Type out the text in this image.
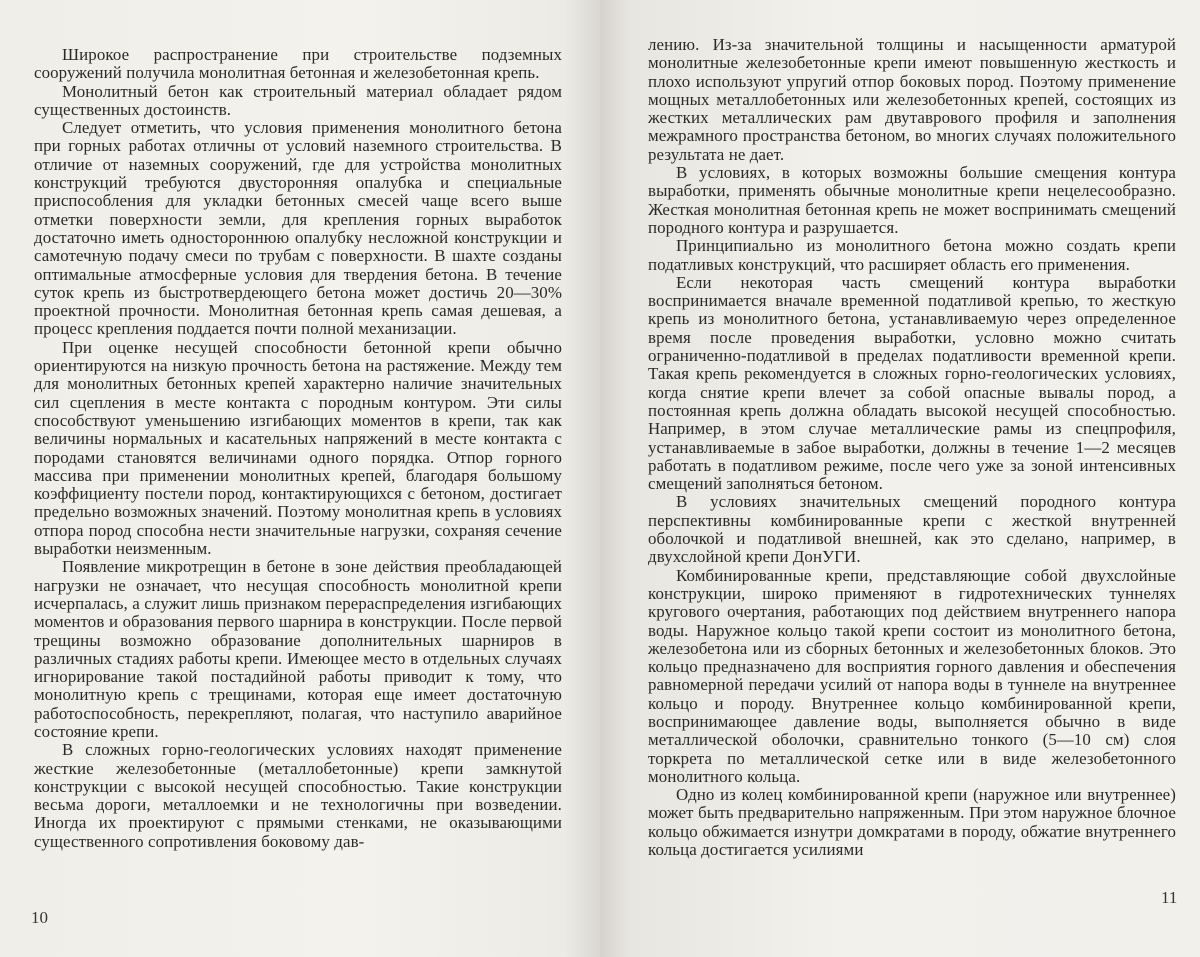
Широкое распространение при строительстве подземных сооружений получила монолитная бетонная и железобетонная крепь.

Монолитный бетон как строительный материал обладает рядом существенных достоинств.

Следует отметить, что условия применения монолитного бетона при горных работах отличны от условий наземного строительства. В отличие от наземных сооружений, где для устройства монолитных конструкций требуются двусторонняя опалубка и специальные приспособления для укладки бетонных смесей чаще всего выше отметки поверхности земли, для крепления горных выработок достаточно иметь одностороннюю опалубку несложной конструкции и самотечную подачу смеси по трубам с поверхности. В шахте созданы оптимальные атмосферные условия для твердения бетона. В течение суток крепь из быстротвердеющего бетона может достичь 20—30% проектной прочности. Монолитная бетонная крепь самая дешевая, а процесс крепления поддается почти полной механизации.

При оценке несущей способности бетонной крепи обычно ориентируются на низкую прочность бетона на растяжение. Между тем для монолитных бетонных крепей характерно наличие значительных сил сцепления в месте контакта с породным контуром. Эти силы способствуют уменьшению изгибающих моментов в крепи, так как величины нормальных и касательных напряжений в месте контакта с породами становятся величинами одного порядка. Отпор горного массива при применении монолитных крепей, благодаря большому коэффициенту постели пород, контактирующихся с бетоном, достигает предельно возможных значений. Поэтому монолитная крепь в условиях отпора пород способна нести значительные нагрузки, сохраняя сечение выработки неизменным.

Появление микротрещин в бетоне в зоне действия преобладающей нагрузки не означает, что несущая способность монолитной крепи исчерпалась, а служит лишь признаком перераспределения изгибающих моментов и образования первого шарнира в конструкции. После первой трещины возможно образование дополнительных шарниров в различных стадиях работы крепи. Имеющее место в отдельных случаях игнорирование такой постадийной работы приводит к тому, что монолитную крепь с трещинами, которая еще имеет достаточную работоспособность, перекрепляют, полагая, что наступило аварийное состояние крепи.

В сложных горно-геологических условиях находят применение жесткие железобетонные (металлобетонные) крепи замкнутой конструкции с высокой несущей способностью. Такие конструкции весьма дороги, металлоемки и не технологичны при возведении. Иногда их проектируют с прямыми стенками, не оказывающими существенного сопротивления боковому дав-

10

лению. Из-за значительной толщины и насыщенности арматурой монолитные железобетонные крепи имеют повышенную жесткость и плохо используют упругий отпор боковых пород. Поэтому применение мощных металлобетонных или железобетонных крепей, состоящих из жестких металлических рам двутаврового профиля и заполнения межрамного пространства бетоном, во многих случаях положительного результата не дает.

В условиях, в которых возможны большие смещения контура выработки, применять обычные монолитные крепи нецелесообразно. Жесткая монолитная бетонная крепь не может воспринимать смещений породного контура и разрушается.

Принципиально из монолитного бетона можно создать крепи податливых конструкций, что расширяет область его применения.

Если некоторая часть смещений контура выработки воспринимается вначале временной податливой крепью, то жесткую крепь из монолитного бетона, устанавливаемую через определенное время после проведения выработки, условно можно считать ограниченно-податливой в пределах податливости временной крепи. Такая крепь рекомендуется в сложных горно-геологических условиях, когда снятие крепи влечет за собой опасные вывалы пород, а постоянная крепь должна обладать высокой несущей способностью. Например, в этом случае металлические рамы из спецпрофиля, устанавливаемые в забое выработки, должны в течение 1—2 месяцев работать в податливом режиме, после чего уже за зоной интенсивных смещений заполняться бетоном.

В условиях значительных смещений породного контура перспективны комбинированные крепи с жесткой внутренней оболочкой и податливой внешней, как это сделано, например, в двухслойной крепи ДонУГИ.

Комбинированные крепи, представляющие собой двухслойные конструкции, широко применяют в гидротехнических туннелях кругового очертания, работающих под действием внутреннего напора воды. Наружное кольцо такой крепи состоит из монолитного бетона, железобетона или из сборных бетонных и железобетонных блоков. Это кольцо предназначено для восприятия горного давления и обеспечения равномерной передачи усилий от напора воды в туннеле на внутреннее кольцо и породу. Внутреннее кольцо комбинированной крепи, воспринимающее давление воды, выполняется обычно в виде металлической оболочки, сравнительно тонкого (5—10 см) слоя торкрета по металлической сетке или в виде железобетонного монолитного кольца.

Одно из колец комбинированной крепи (наружное или внутреннее) может быть предварительно напряженным. При этом наружное блочное кольцо обжимается изнутри домкратами в породу, обжатие внутреннего кольца достигается усилиями

11
